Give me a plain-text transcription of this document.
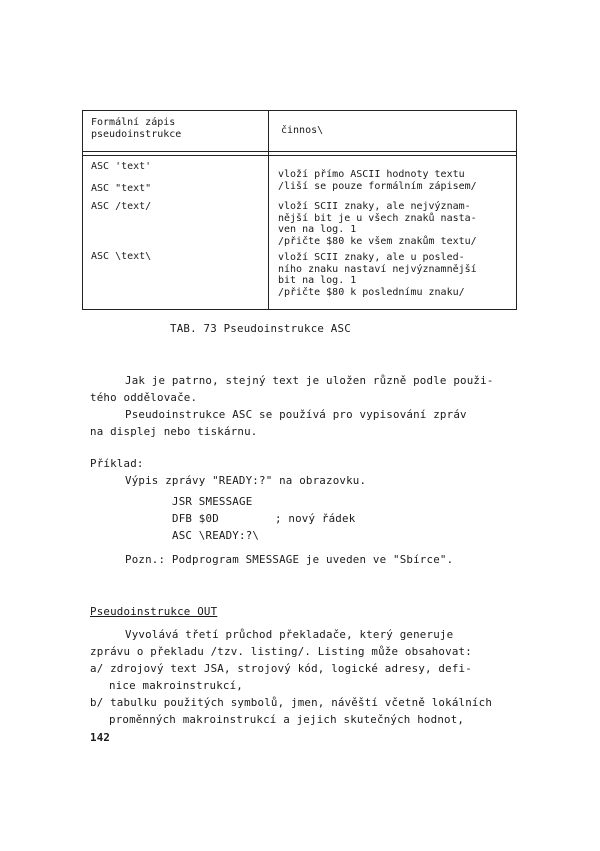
Formální zápis
pseudoinstrukce	činnos\
ASC 'text'
ASC "text"
ASC /text/
ASC \text\
vloží přímo ASCII hodnoty textu
/liší se pouze formálním zápisem/
vloží SCII znaky, ale nejvýznam-
nější bit je u všech znaků nasta-
ven na log. 1
/přičte $80 ke všem znakům textu/
vloží SCII znaky, ale u posled-
ního znaku nastaví nejvýznamnější
bit na log. 1
/přičte $80 k poslednímu znaku/
TAB. 73 Pseudoinstrukce ASC
Jak je patrno, stejný text je uložen různě podle použi-
tého oddělovače.
Pseudoinstrukce ASC se používá pro vypisování zpráv
na displej nebo tiskárnu.
Příklad:
Výpis zprávy "READY:?" na obrazovku.
JSR SMESSAGE
DFB $0D	; nový řádek
ASC \READY:?\
Pozn.: Podprogram SMESSAGE je uveden ve "Sbírce".
Pseudoinstrukce OUT
Vyvolává třetí průchod překladače, který generuje
zprávu o překladu /tzv. listing/. Listing může obsahovat:
a/ zdrojový text JSA, strojový kód, logické adresy, defi-
nice makroinstrukcí,
b/ tabulku použitých symbolů, jmen, návěští včetně lokálních
proměnných makroinstrukcí a jejich skutečných hodnot,
142
